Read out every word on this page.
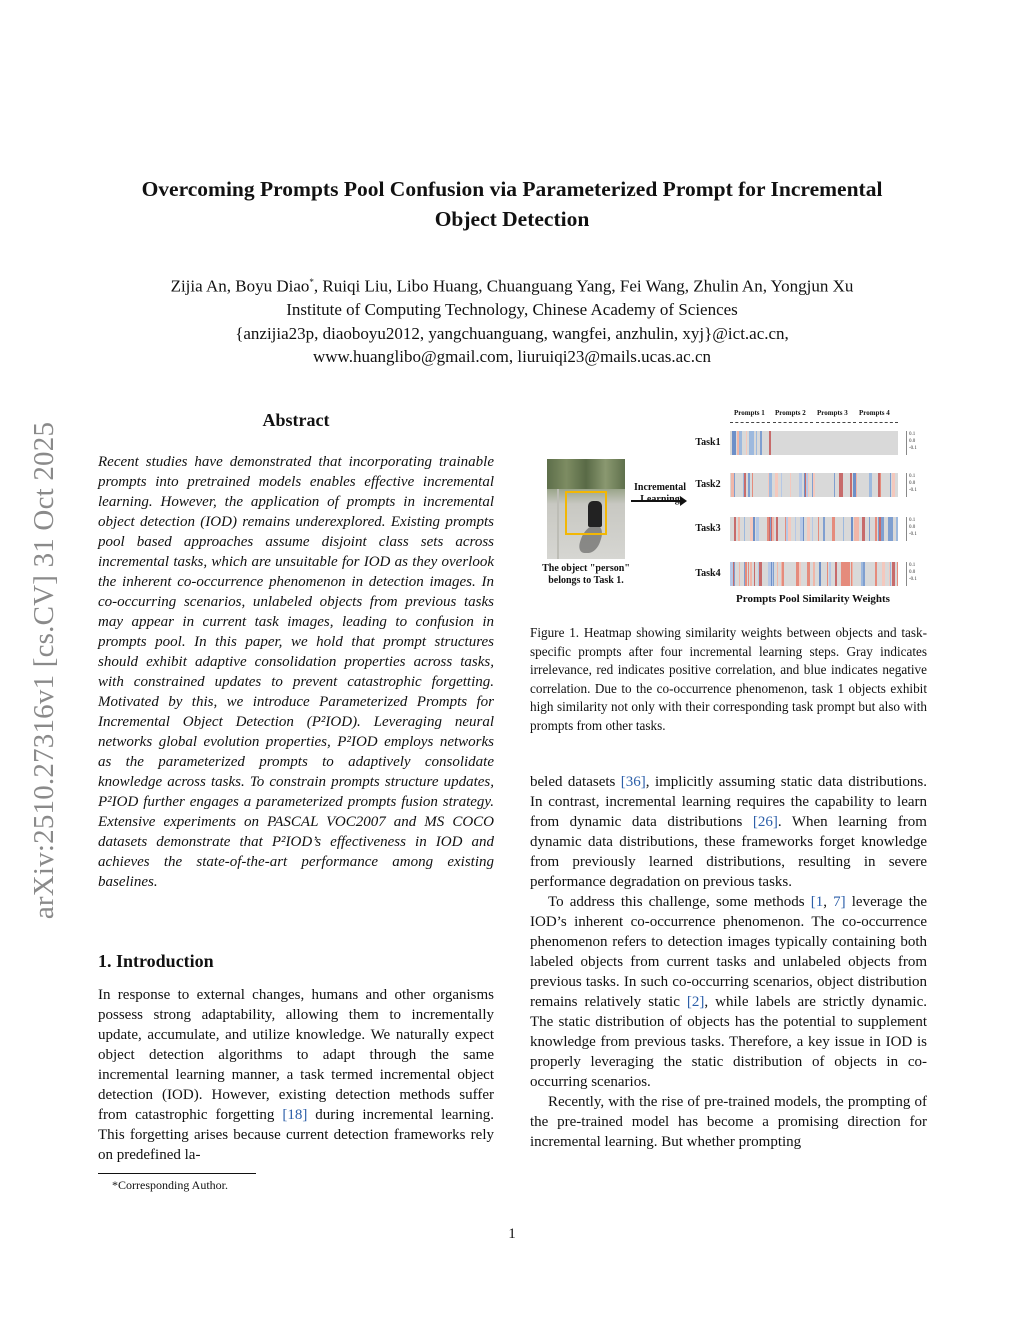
arXiv:2510.27316v1 [cs.CV] 31 Oct 2025
Overcoming Prompts Pool Confusion via Parameterized Prompt for Incremental
Object Detection
Zijia An, Boyu Diao*, Ruiqi Liu, Libo Huang, Chuanguang Yang, Fei Wang, Zhulin An, Yongjun Xu
Institute of Computing Technology, Chinese Academy of Sciences
{anzijia23p, diaoboyu2012, yangchuanguang, wangfei, anzhulin, xyj}@ict.ac.cn,
www.huanglibo@gmail.com, liuruiqi23@mails.ucas.ac.cn
Abstract
Recent studies have demonstrated that incorporating trainable prompts into pretrained models enables effective incremental learning. However, the application of prompts in incremental object detection (IOD) remains underexplored. Existing prompts pool based approaches assume disjoint class sets across incremental tasks, which are unsuitable for IOD as they overlook the inherent co-occurrence phenomenon in detection images. In co-occurring scenarios, unlabeled objects from previous tasks may appear in current task images, leading to confusion in prompts pool. In this paper, we hold that prompt structures should exhibit adaptive consolidation properties across tasks, with constrained updates to prevent catastrophic forgetting. Motivated by this, we introduce Parameterized Prompts for Incremental Object Detection (P²IOD). Leveraging neural networks global evolution properties, P²IOD employs networks as the parameterized prompts to adaptively consolidate knowledge across tasks. To constrain prompts structure updates, P²IOD further engages a parameterized prompts fusion strategy. Extensive experiments on PASCAL VOC2007 and MS COCO datasets demonstrate that P²IOD’s effectiveness in IOD and achieves the state-of-the-art performance among existing baselines.
1. Introduction
In response to external changes, humans and other organisms possess strong adaptability, allowing them to incrementally update, accumulate, and utilize knowledge. We naturally expect object detection algorithms to adapt through the same incremental learning manner, a task termed incremental object detection (IOD). However, existing detection methods suffer from catastrophic forgetting [18] during incremental learning. This forgetting arises because current detection frameworks rely on predefined la-
*Corresponding Author.
Prompts 1 Prompts 2 Prompts 3 Prompts 4
The object "person" belongs to Task 1.
Incremental
Task1
Task2
Task3
Task4
0.1
0.0
-0.1
0.1
0.0
-0.1
0.1
0.0
-0.1
0.1
0.0
-0.1
Prompts Pool Similarity Weights
Figure 1. Heatmap showing similarity weights between objects and task-specific prompts after four incremental learning steps. Gray indicates irrelevance, red indicates positive correlation, and blue indicates negative correlation. Due to the co-occurrence phenomenon, task 1 objects exhibit high similarity not only with their corresponding task prompt but also with prompts from other tasks.

beled datasets [36], implicitly assuming static data distributions. In contrast, incremental learning requires the capability to learn from dynamic data distributions [26]. When learning from dynamic data distributions, these frameworks forget knowledge from previously learned distributions, resulting in severe performance degradation on previous tasks.

To address this challenge, some methods [1, 7] leverage the IOD’s inherent co-occurrence phenomenon. The co-occurrence phenomenon refers to detection images typically containing both labeled objects from current tasks and unlabeled objects from previous tasks. In such co-occurring scenarios, object distribution remains relatively static [2], while labels are strictly dynamic. The static distribution of objects has the potential to supplement knowledge from previous tasks. Therefore, a key issue in IOD is properly leveraging the static distribution of objects in co-occurring scenarios.

Recently, with the rise of pre-trained models, the prompting of the pre-trained model has become a promising direction for incremental learning. But whether prompting

1
